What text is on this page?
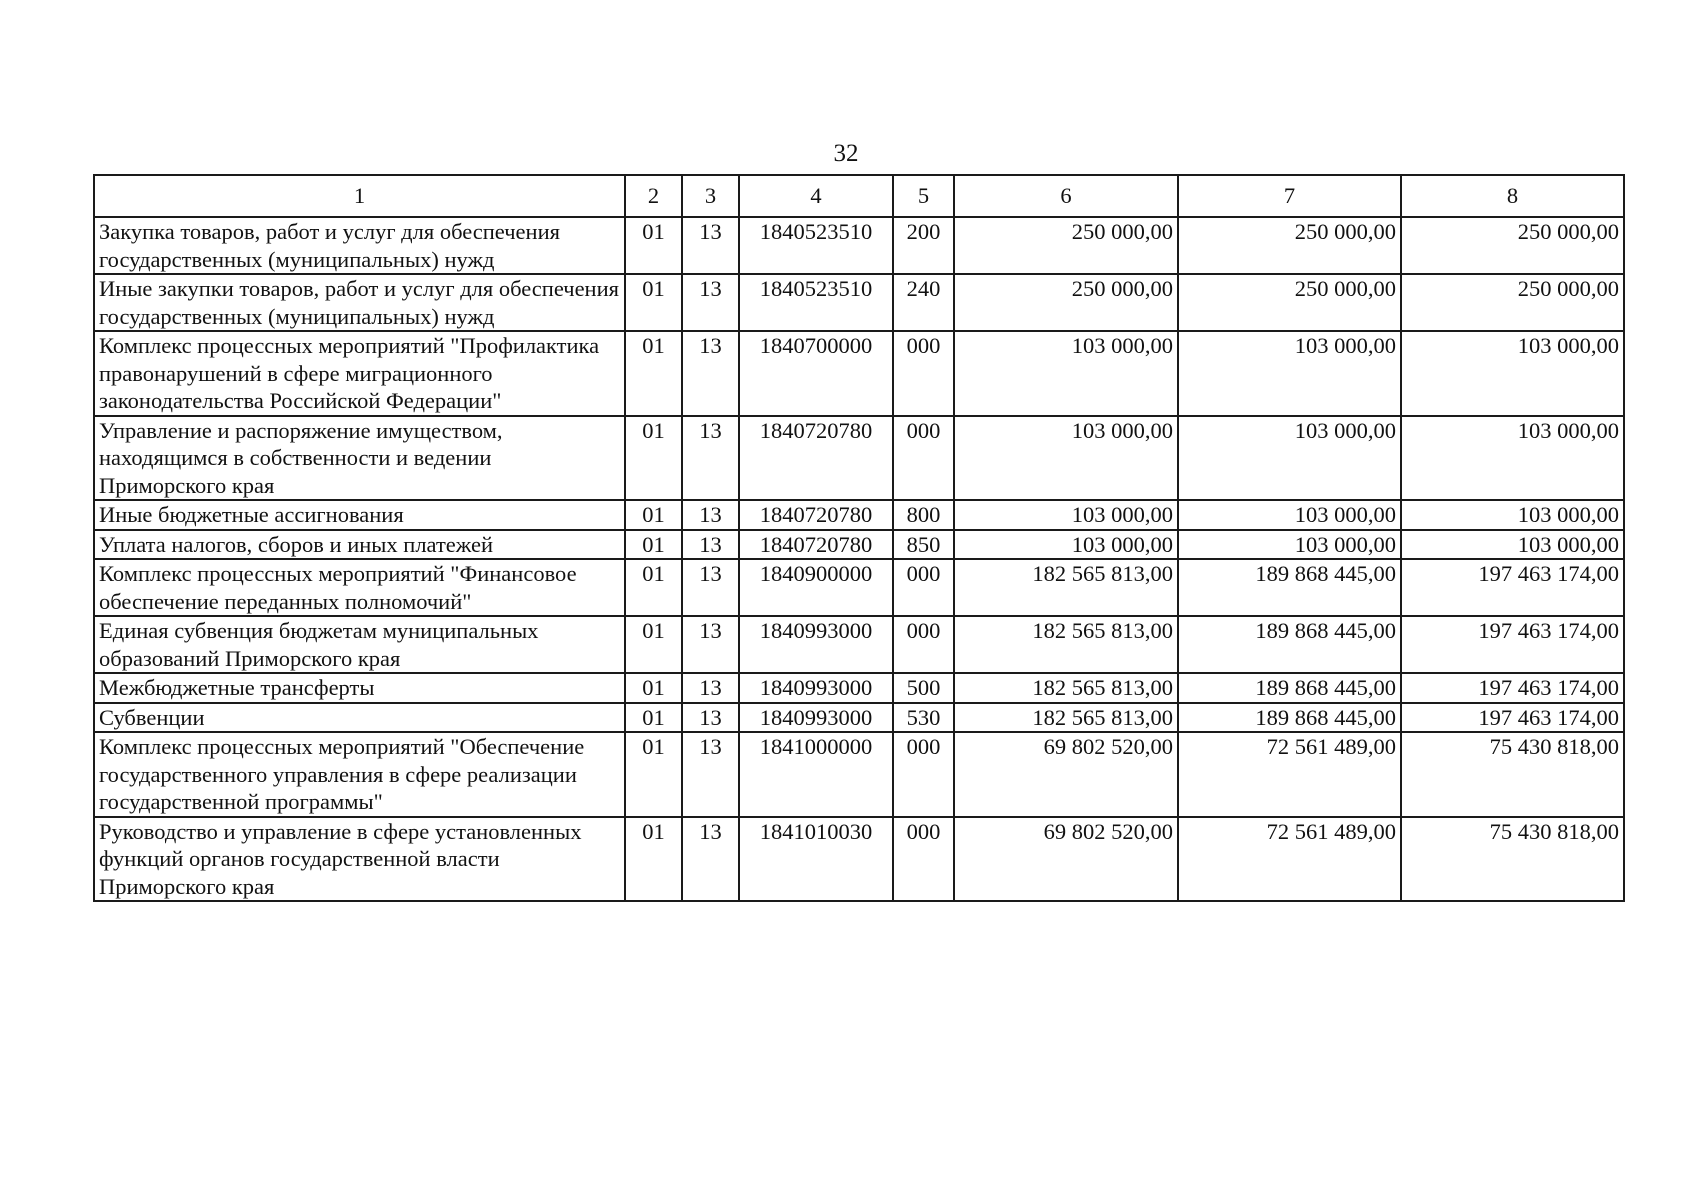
32
1	2	3	4	5	6	7	8
Закупка товаров, работ и услуг для обеспечения государственных (муниципальных) нужд	01	13	1840523510	200	250 000,00	250 000,00	250 000,00
Иные закупки товаров, работ и услуг для обеспечения государственных (муниципальных) нужд	01	13	1840523510	240	250 000,00	250 000,00	250 000,00
Комплекс процессных мероприятий "Профилактика правонарушений в сфере миграционного законодательства Российской Федерации"	01	13	1840700000	000	103 000,00	103 000,00	103 000,00
Управление и распоряжение имуществом, находящимся в собственности и ведении Приморского края	01	13	1840720780	000	103 000,00	103 000,00	103 000,00
Иные бюджетные ассигнования	01	13	1840720780	800	103 000,00	103 000,00	103 000,00
Уплата налогов, сборов и иных платежей	01	13	1840720780	850	103 000,00	103 000,00	103 000,00
Комплекс процессных мероприятий "Финансовое обеспечение переданных полномочий"	01	13	1840900000	000	182 565 813,00	189 868 445,00	197 463 174,00
Единая субвенция бюджетам муниципальных образований Приморского края	01	13	1840993000	000	182 565 813,00	189 868 445,00	197 463 174,00
Межбюджетные трансферты	01	13	1840993000	500	182 565 813,00	189 868 445,00	197 463 174,00
Субвенции	01	13	1840993000	530	182 565 813,00	189 868 445,00	197 463 174,00
Комплекс процессных мероприятий "Обеспечение государственного управления в сфере реализации государственной программы"	01	13	1841000000	000	69 802 520,00	72 561 489,00	75 430 818,00
Руководство и управление в сфере установленных функций органов государственной власти Приморского края	01	13	1841010030	000	69 802 520,00	72 561 489,00	75 430 818,00
